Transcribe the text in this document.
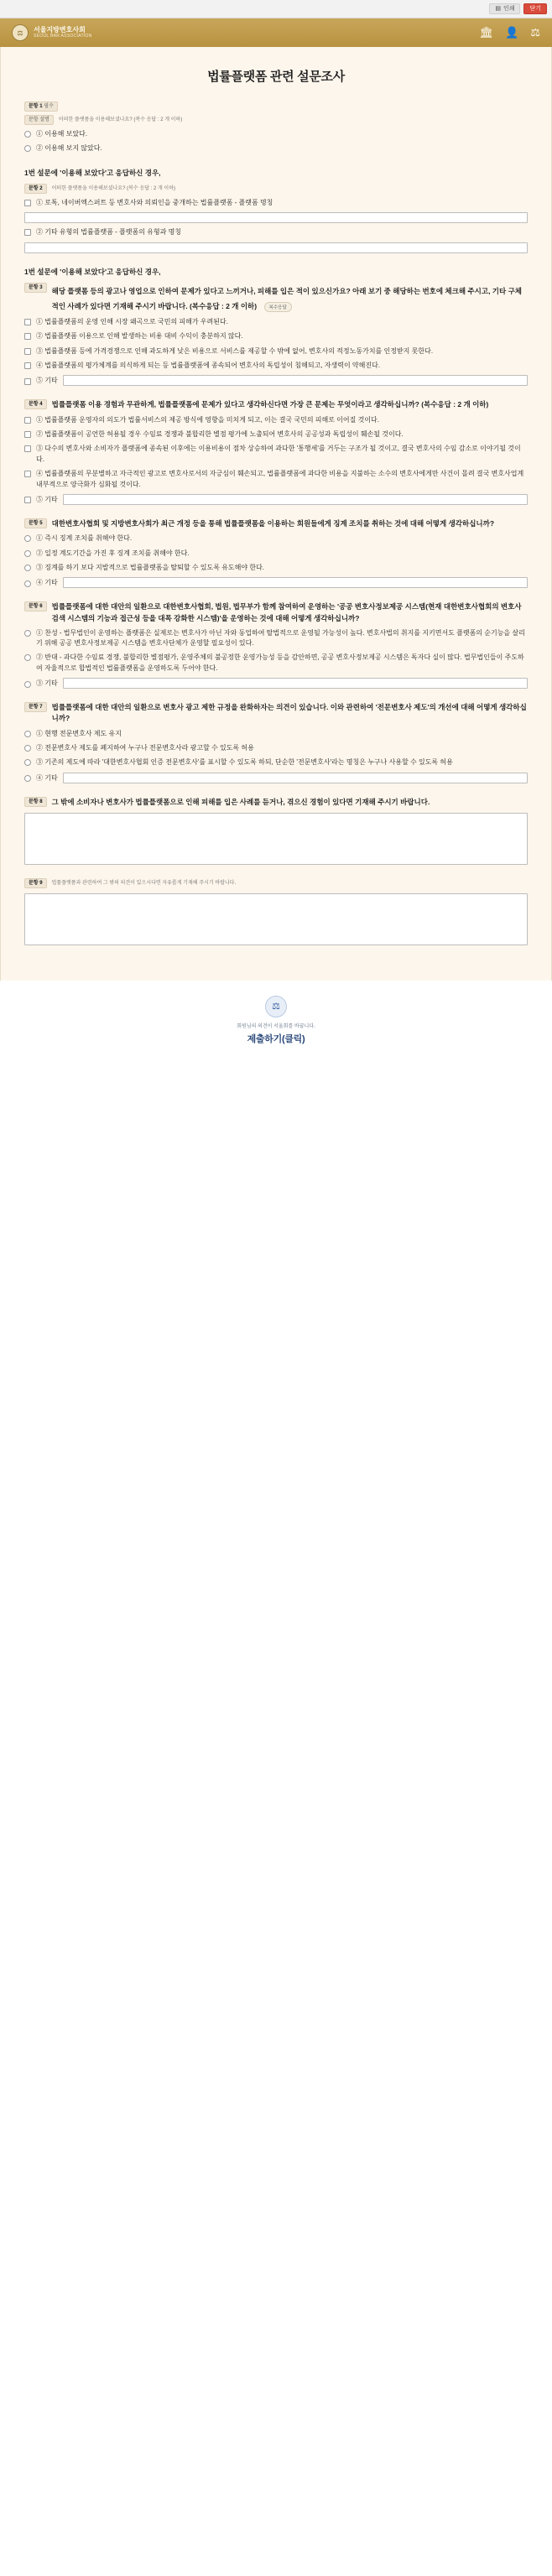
▤ 인쇄	닫기
⚖	서울지방변호사회
SEOUL BAR ASSOCIATION	🏛 👤 ⚖
법률플랫폼 관련 설문조사
문항 1 필수
문항 설명	어떠한 플랫폼을 이용해보셨나요? (복수 응답 : 2 개 이하)
① 이용해 보았다.
② 이용해 보지 않았다.
1번 설문에 '이용해 보았다'고 응답하신 경우,
문항 2	어떠한 플랫폼을 이용해보셨나요? (복수 응답 : 2 개 이하)
① 로톡, 네이버엑스퍼트 등 변호사와 의뢰인을 중개하는 법률플랫폼 - 플랫폼 명칭
② 기타 유형의 법률플랫폼 - 플랫폼의 유형과 명칭
1번 설문에 '이용해 보았다'고 응답하신 경우,
문항 3	해당 플랫폼 등의 광고나 영업으로 인하여 문제가 있다고 느끼거나, 피해를 입은 적이 있으신가요? 아래 보기 중 해당하는 번호에 체크해 주시고, 기타 구체적인 사례가 있다면 기재해 주시기 바랍니다. (복수응답 : 2 개 이하)	복수응답
① 법률플랫폼의 운영 인해 시장 왜곡으로 국민의 피해가 우려된다.
② 법률플랫폼 이용으로 인해 발생하는 비용 대비 수익이 충분하지 않다.
③ 법률플랫폼 등에 가격경쟁으로 인해 과도하게 낮은 비용으로 서비스를 제공할 수 밖에 없어, 변호사의 적정노동가치를 인정받지 못한다.
④ 법률플랫폼의 평가체계를 의식하게 되는 등 법률플랫폼에 종속되어 변호사의 독립성이 침해되고, 자생력이 약해진다.
⑤ 기타
문항 4	법률플랫폼 이용 경험과 무관하게, 법률플랫폼에 문제가 있다고 생각하신다면 가장 큰 문제는 무엇이라고 생각하십니까? (복수응답 : 2 개 이하)
① 법률플랫폼 운영자의 의도가 법률서비스의 제공 방식에 영향을 미치게 되고, 이는 결국 국민의 피해로 이어질 것이다.
② 법률플랫폼이 공언한 허용될 경우 수임료 경쟁과 불합리한 별점 평가에 노출되어 변호사의 공공성과 독립성이 훼손될 것이다.
③ 다수의 변호사와 소비자가 플랫폼에 종속된 이후에는 이용비용이 점차 상승하여 과다한 '통행세'를 거두는 구조가 될 것이고, 결국 변호사의 수임 감소로 이야기될 것이다.
④ 법률플랫폼의 무분별하고 자극적인 광고로 변호사로서의 자긍심이 훼손되고, 법률플랫폼에 과다한 비용을 지불하는 소수의 변호사에게만 사건이 몰려 결국 변호사업계 내부적으로 양극화가 심화될 것이다.
⑤ 기타
문항 5	대한변호사협회 및 지방변호사회가 최근 개정 등을 통해 법률플랫폼을 이용하는 회원들에게 징계 조치를 취하는 것에 대해 어떻게 생각하십니까?
① 즉시 징계 조치를 취해야 한다.
② 일정 계도기간을 가진 후 징계 조치를 취해야 한다.
③ 징계를 하기 보다 지발적으로 법률플랫폼을 탈퇴할 수 있도록 유도해야 한다.
④ 기타
문항 6	법률플랫폼에 대한 대안의 일환으로 대한변호사협회, 법원, 법무부가 함께 참여하여 운영하는 '공공 변호사정보제공 시스템(현재 대한변호사협회의 변호사검색 시스템의 기능과 접근성 등을 대폭 강화한 시스템)'을 운영하는 것에 대해 어떻게 생각하십니까?
① 찬성 - 법무법인이 운영하는 플랫폼은 실제로는 변호사가 아닌 자와 동업하여 탈법적으로 운영될 가능성이 높다. 변호사법의 취지를 지키면서도 플랫폼의 순기능을 살리기 위해 공공 변호사정보제공 시스템을 변호사단체가 운영할 필요성이 있다.
② 반대 - 과다한 수임료 경쟁, 불합리한 별점평가, 운영주체의 불공정한 운영가능성 등을 감안하면, 공공 변호사정보제공 시스템은 독자다 실이 많다. 법무법인들이 주도하여 자율적으로 합법적인 법률플랫폼을 운영하도록 두어야 한다.
③ 기타
문항 7	법률플랫폼에 대한 대안의 일환으로 변호사 광고 제한 규정을 완화하자는 의견이 있습니다. 이와 관련하여 '전문변호사 제도'의 개선에 대해 어떻게 생각하십니까?
① 현행 전문변호사 제도 유지
② 전문변호사 제도를 폐지하여 누구나 전문변호사라 광고할 수 있도록 허용
③ 기존의 제도에 따라 '대한변호사협회 인증 전문변호사'를 표시할 수 있도록 하되, 단순한 '전문변호사'라는 명칭은 누구나 사용할 수 있도록 허용
④ 기타
문항 8	그 밖에 소비자나 변호사가 법률플랫폼으로 인해 피해를 입은 사례를 듣거나, 겪으신 경험이 있다면 기재해 주시기 바랍니다.
문항 9	법률플랫폼과 관련하여 그 밖의 의견이 있으시다면 자유롭게 기재해 주시기 바랍니다.
⚖
회원님의 의견이 서울회를 바꿉니다.
제출하기(클릭)
